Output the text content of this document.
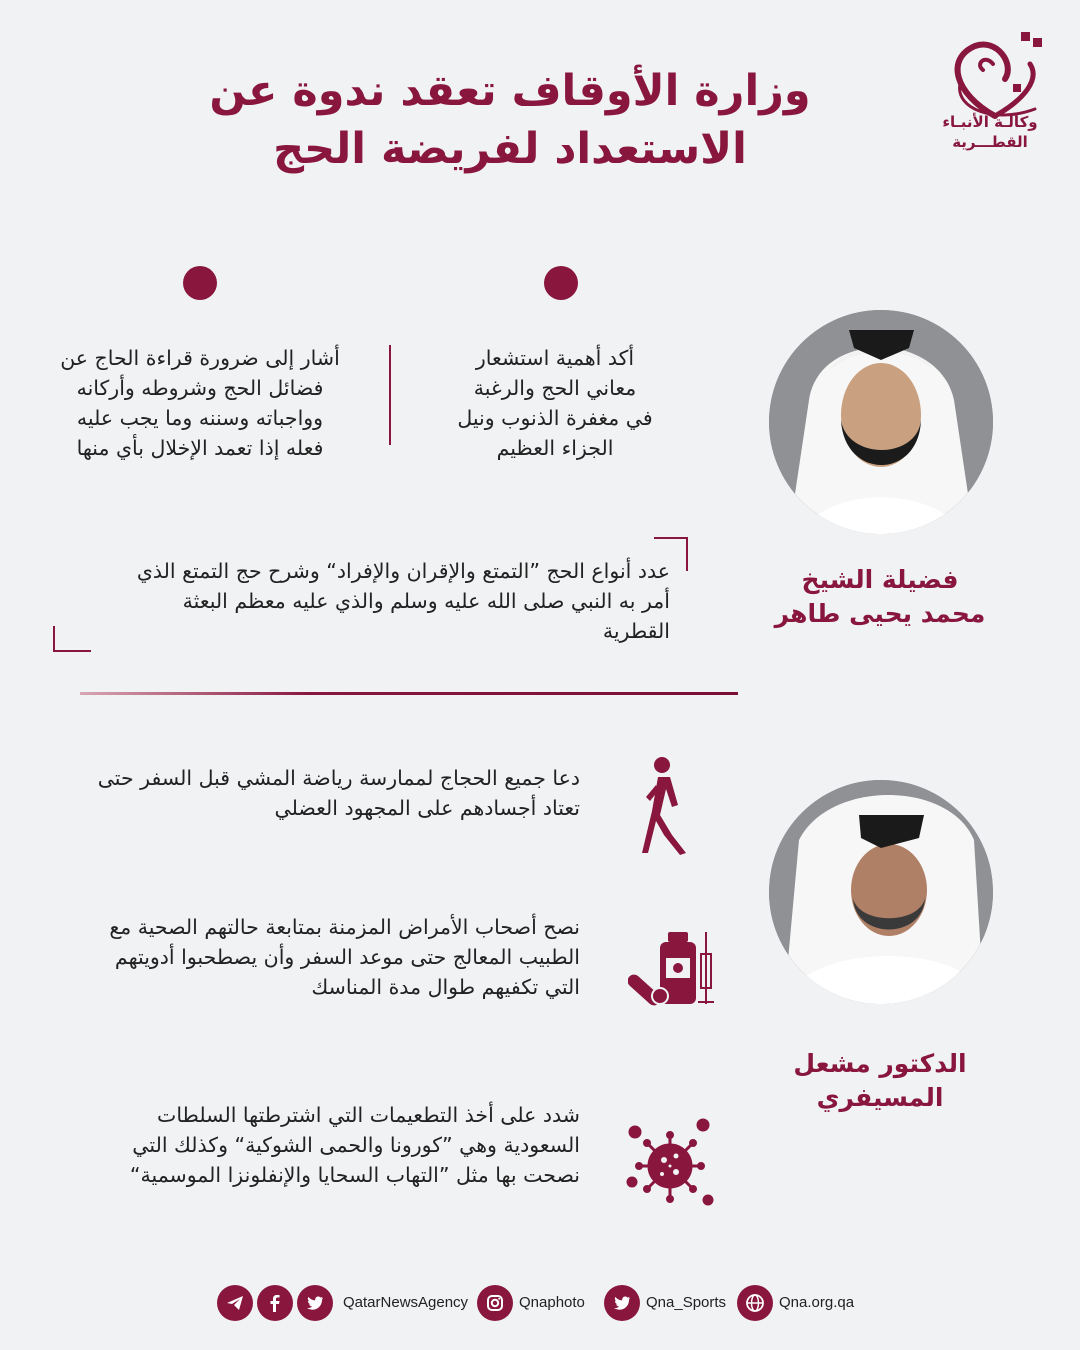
وكالـة الأنبـاء
القطـــرية
وزارة الأوقاف تعقد ندوة عن
الاستعداد لفريضة الحج
أكد أهمية استشعار
معاني الحج والرغبة
في مغفرة الذنوب ونيل
الجزاء العظيم
أشار إلى ضرورة قراءة الحاج عن
فضائل الحج وشروطه وأركانه
وواجباته وسننه وما يجب عليه
فعله إذا تعمد الإخلال بأي منها
عدد أنواع الحج ”التمتع والإقران والإفراد“ وشرح حج التمتع الذي
أمر به النبي صلى الله عليه وسلم والذي عليه معظم البعثة
القطرية
فضيلة الشيخ
محمد يحيى طاهر
الدكتور مشعل
المسيفري
دعا جميع الحجاج لممارسة رياضة المشي قبل السفر حتى
تعتاد أجسادهم على المجهود العضلي
نصح أصحاب الأمراض المزمنة بمتابعة حالتهم الصحية مع
الطبيب المعالج حتى موعد السفر وأن يصطحبوا أدويتهم
التي تكفيهم طوال مدة المناسك
شدد على أخذ التطعيمات التي اشترطتها السلطات
السعودية وهي ”كورونا والحمى الشوكية“ وكذلك التي
نصحت بها مثل ”التهاب السحايا والإنفلونزا الموسمية“
QatarNewsAgency	Qnaphoto	Qna_Sports	Qna.org.qa
